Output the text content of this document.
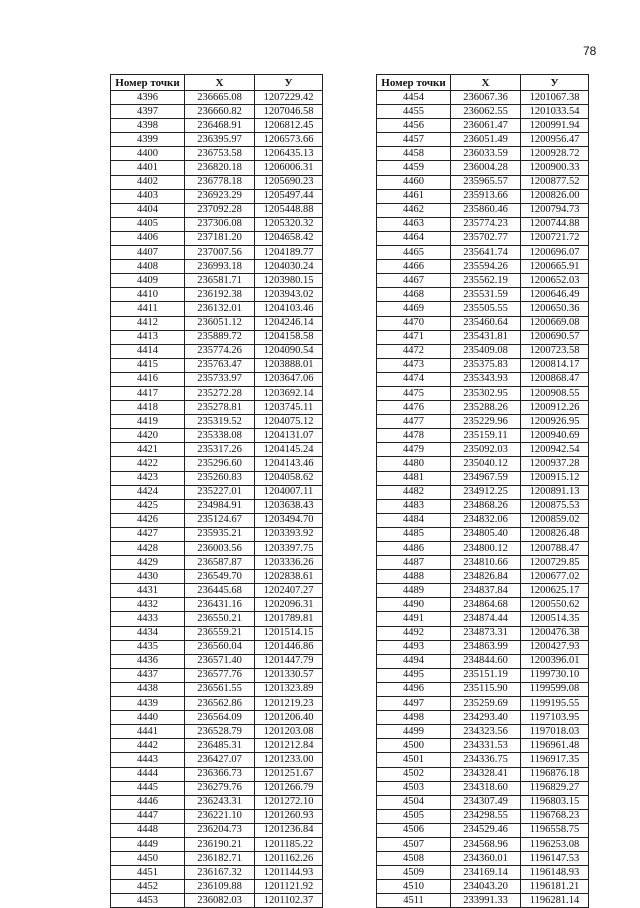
78
Номер точки	X	У
4396	236665.08	1207229.42
4397	236660.82	1207046.58
4398	236468.91	1206812.45
4399	236395.97	1206573.66
4400	236753.58	1206435.13
4401	236820.18	1206006.31
4402	236778.18	1205690.23
4403	236923.29	1205497.44
4404	237092.28	1205448.88
4405	237306.08	1205320.32
4406	237181.20	1204658.42
4407	237007.56	1204189.77
4408	236993.18	1204030.24
4409	236581.71	1203980.15
4410	236192.38	1203943.02
4411	236132.01	1204103.46
4412	236051.12	1204246.14
4413	235889.72	1204158.58
4414	235774.26	1204090.54
4415	235763.47	1203888.01
4416	235733.97	1203647.06
4417	235272.28	1203692.14
4418	235278.81	1203745.11
4419	235319.52	1204075.12
4420	235338.08	1204131.07
4421	235317.26	1204145.24
4422	235296.60	1204143.46
4423	235260.83	1204058.62
4424	235227.01	1204007.11
4425	234984.91	1203638.43
4426	235124.67	1203494.70
4427	235935.21	1203393.92
4428	236003.56	1203397.75
4429	236587.87	1203336.26
4430	236549.70	1202838.61
4431	236445.68	1202407.27
4432	236431.16	1202096.31
4433	236550.21	1201789.81
4434	236559.21	1201514.15
4435	236560.04	1201446.86
4436	236571.40	1201447.79
4437	236577.76	1201330.57
4438	236561.55	1201323.89
4439	236562.86	1201219.23
4440	236564.09	1201206.40
4441	236528.79	1201203.08
4442	236485.31	1201212.84
4443	236427.07	1201233.00
4444	236366.73	1201251.67
4445	236279.76	1201266.79
4446	236243.31	1201272.10
4447	236221.10	1201260.93
4448	236204.73	1201236.84
4449	236190.21	1201185.22
4450	236182.71	1201162.26
4451	236167.32	1201144.93
4452	236109.88	1201121.92
4453	236082.03	1201102.37
Номер точки	X	У
4454	236067.36	1201067.38
4455	236062.55	1201033.54
4456	236061.47	1200991.94
4457	236051.49	1200956.47
4458	236033.59	1200928.72
4459	236004.28	1200900.33
4460	235965.57	1200877.52
4461	235913.66	1200826.00
4462	235860.46	1200794.73
4463	235774.23	1200744.88
4464	235702.77	1200721.72
4465	235641.74	1200696.07
4466	235594.26	1200665.91
4467	235562.19	1200652.03
4468	235531.59	1200646.49
4469	235505.55	1200650.36
4470	235460.64	1200669.08
4471	235431.81	1200690.57
4472	235409.08	1200723.58
4473	235375.83	1200814.17
4474	235343.93	1200868.47
4475	235302.95	1200908.55
4476	235288.26	1200912.26
4477	235229.96	1200926.95
4478	235159.11	1200940.69
4479	235092.03	1200942.54
4480	235040.12	1200937.28
4481	234967.59	1200915.12
4482	234912.25	1200891.13
4483	234868.26	1200875.53
4484	234832.06	1200859.02
4485	234805.40	1200826.48
4486	234800.12	1200788.47
4487	234810.66	1200729.85
4488	234826.84	1200677.02
4489	234837.84	1200625.17
4490	234864.68	1200550.62
4491	234874.44	1200514.35
4492	234873.31	1200476.38
4493	234863.99	1200427.93
4494	234844.60	1200396.01
4495	235151.19	1199730.10
4496	235115.90	1199599.08
4497	235259.69	1199195.55
4498	234293.40	1197103.95
4499	234323.56	1197018.03
4500	234331.53	1196961.48
4501	234336.75	1196917.35
4502	234328.41	1196876.18
4503	234318.60	1196829.27
4504	234307.49	1196803.15
4505	234298.55	1196768.23
4506	234529.46	1196558.75
4507	234568.96	1196253.08
4508	234360.01	1196147.53
4509	234169.14	1196148.93
4510	234043.20	1196181.21
4511	233991.33	1196281.14
